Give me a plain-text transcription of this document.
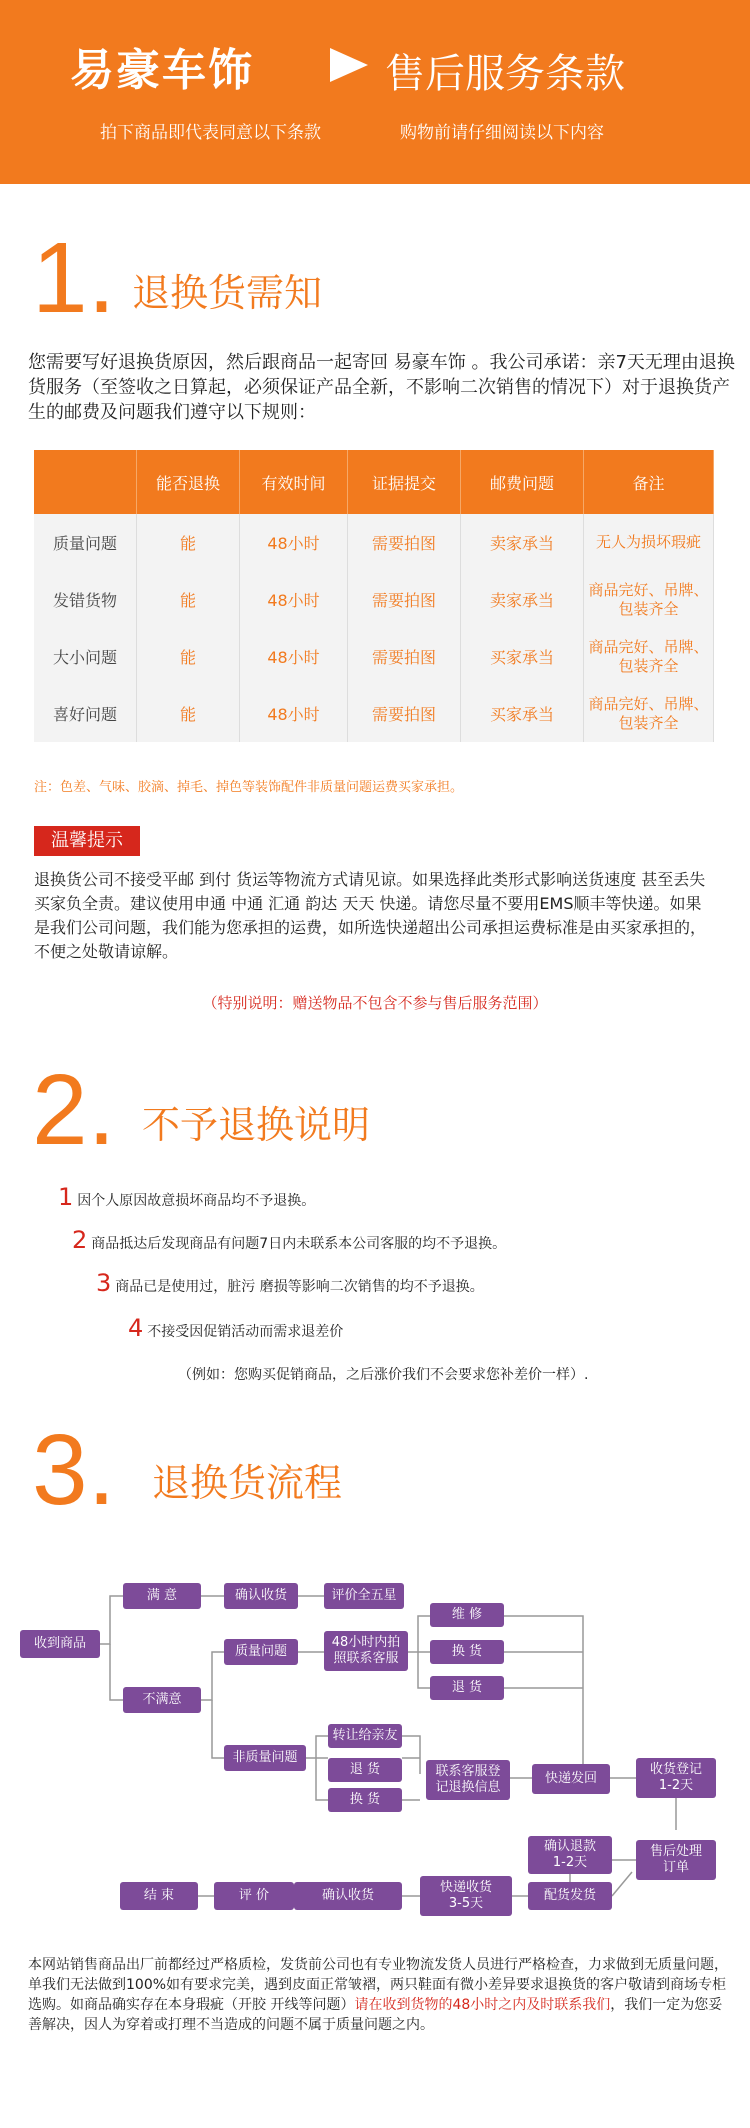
易豪车饰	售后服务条款
拍下商品即代表同意以下条款	购物前请仔细阅读以下内容
1. 退换货需知
您需要写好退换货原因，然后跟商品一起寄回 易豪车饰 。我公司承诺：亲7天无理由退换货服务（至签收之日算起，必须保证产品全新，不影响二次销售的情况下）对于退换货产生的邮费及问题我们遵守以下规则：
	能否退换	有效时间	证据提交	邮费问题	备注
质量问题	能	48小时	需要拍图	卖家承当	无人为损坏瑕疵
发错货物	能	48小时	需要拍图	卖家承当	商品完好、吊牌、包装齐全
大小问题	能	48小时	需要拍图	买家承当	商品完好、吊牌、包装齐全
喜好问题	能	48小时	需要拍图	买家承当	商品完好、吊牌、包装齐全
注：色差、气味、胶滴、掉毛、掉色等装饰配件非质量问题运费买家承担。
温馨提示
退换货公司不接受平邮 到付 货运等物流方式请见谅。如果选择此类形式影响送货速度 甚至丢失买家负全责。建议使用申通 中通 汇通 韵达 天天 快递。请您尽量不要用EMS顺丰等快递。如果是我们公司问题，我们能为您承担的运费，如所选快递超出公司承担运费标准是由买家承担的，不便之处敬请谅解。
（特别说明：赠送物品不包含不参与售后服务范围）
2. 不予退换说明
1 因个人原因故意损坏商品均不予退换。
2 商品抵达后发现商品有问题7日内未联系本公司客服的均不予退换。
3 商品已是使用过，脏污 磨损等影响二次销售的均不予退换。
4 不接受因促销活动而需求退差价
（例如：您购买促销商品，之后涨价我们不会要求您补差价一样）.
3. 退换货流程
收到商品
满 意	确认收货	评价全五星
不满意
质量问题
48小时内拍
照联系客服
维 修
换 货
退 货
非质量问题
转让给亲友
退 货
换 货
联系客服登
记退换信息
快递发回
收货登记
1-2天
确认退款
1-2天
售后处理
订单
配货发货
快递收货
3-5天
确认收货
评 价
结 束
本网站销售商品出厂前都经过严格质检，发货前公司也有专业物流发货人员进行严格检查，力求做到无质量问题，单我们无法做到100%如有要求完美，遇到皮面正常皱褶，两只鞋面有微小差异要求退换货的客户敬请到商场专柜选购。如商品确实存在本身瑕疵（开胶 开线等问题）请在收到货物的48小时之内及时联系我们，我们一定为您妥善解决，因人为穿着或打理不当造成的问题不属于质量问题之内。
